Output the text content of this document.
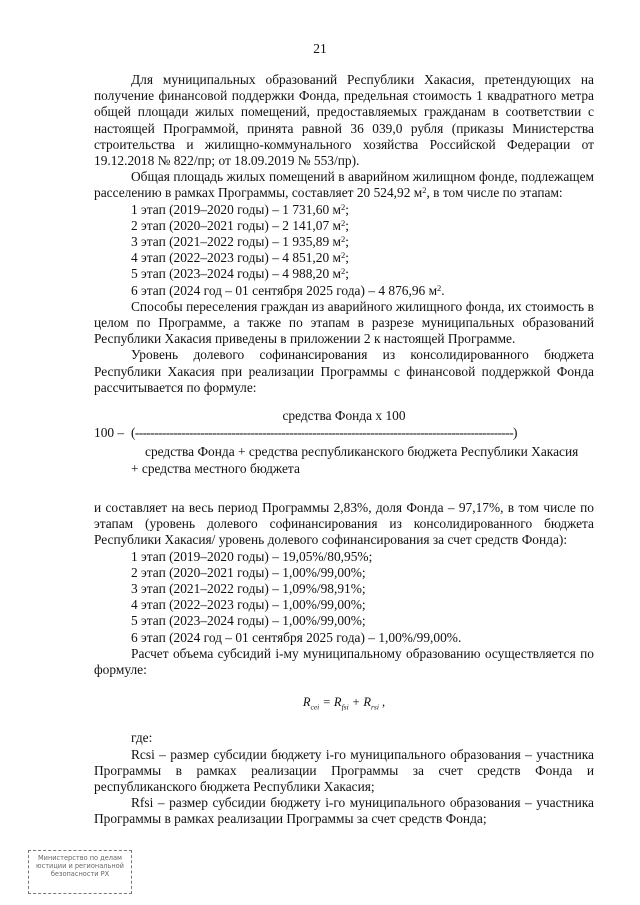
21

Для муниципальных образований Республики Хакасия, претендующих на получение финансовой поддержки Фонда, предельная стоимость 1 квадратного метра общей площади жилых помещений, предоставляемых гражданам в соответствии с настоящей Программой, принята равной 36 039,0 рубля (приказы Министерства строительства и жилищно-коммунального хозяйства Российской Федерации от 19.12.2018 № 822/пр; от 18.09.2019 № 553/пр).

Общая площадь жилых помещений в аварийном жилищном фонде, подлежащем расселению в рамках Программы, составляет 20 524,92 $м^2$, в том числе по этапам:

1 этап (2019–2020 годы) – 1 731,60 $м^2$;

2 этап (2020–2021 годы) – 2 141,07 $м^2$;

3 этап (2021–2022 годы) – 1 935,89 $м^2$;

4 этап (2022–2023 годы) – 4 851,20 $м^2$;

5 этап (2023–2024 годы) – 4 988,20 $м^2$;

6 этап (2024 год – 01 сентября 2025 года) – 4 876,96 $м^2$.

Способы переселения граждан из аварийного жилищного фонда, их стоимость в целом по Программе, а также по этапам в разрезе муниципальных образований Республики Хакасия приведены в приложении 2 к настоящей Программе.

Уровень долевого софинансирования из консолидированного бюджета Республики Хакасия при реализации Программы с финансовой поддержкой Фонда рассчитывается по формуле:

средства Фонда х 100
100 – (--------------------------------------------------------------------------------------------------)
средства Фонда + средства республиканского бюджета Республики Хакасия
+ средства местного бюджета

и составляет на весь период Программы 2,83%, доля Фонда – 97,17%, в том числе по этапам (уровень долевого софинансирования из консолидированного бюджета Республики Хакасия/ уровень долевого софинансирования за счет средств Фонда):

1 этап (2019–2020 годы) – 19,05%/80,95%;

2 этап (2020–2021 годы) – 1,00%/99,00%;

3 этап (2021–2022 годы) – 1,09%/98,91%;

4 этап (2022–2023 годы) – 1,00%/99,00%;

5 этап (2023–2024 годы) – 1,00%/99,00%;

6 этап (2024 год – 01 сентября 2025 года) – 1,00%/99,00%.

Расчет объема субсидий i-му муниципальному образованию осуществляется по формуле:

$R_{cei} = R_{fsi} + R_{rsi}$ ,

где:

Rcsi – размер субсидии бюджету i-го муниципального образования – участника Программы в рамках реализации Программы за счет средств Фонда и республиканского бюджета Республики Хакасия;

Rfsi – размер субсидии бюджету i-го муниципального образования – участника Программы в рамках реализации Программы за счет средств Фонда;

Министерство по делам
юстиции и региональной
безопасности РХ
